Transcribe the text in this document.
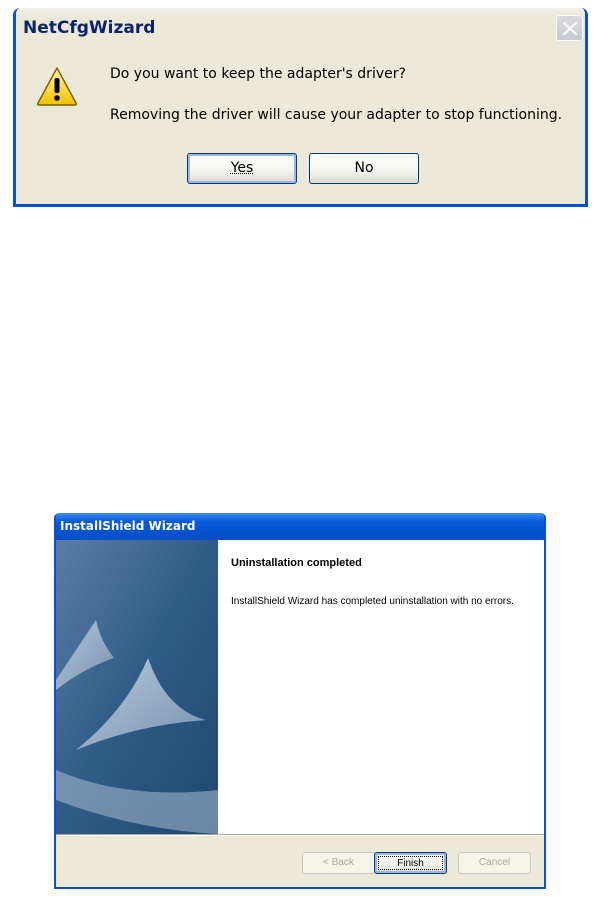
NetCfgWizard
Do you want to keep the adapter's driver?
Removing the driver will cause your adapter to stop functioning.
Yes	No
InstallShield Wizard
Uninstallation completed
InstallShield Wizard has completed uninstallation with no errors.
< Back	Finish	Cancel
